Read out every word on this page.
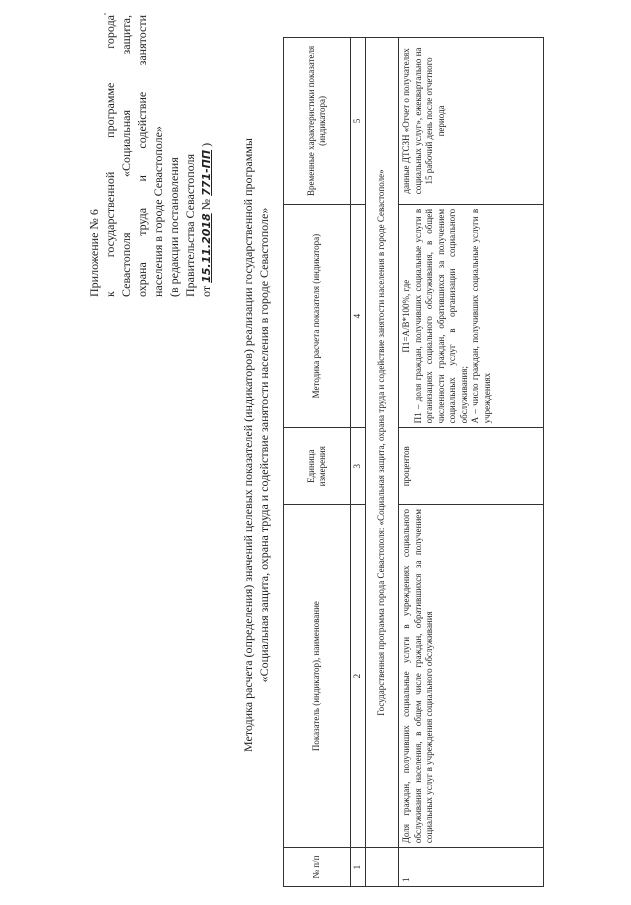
Приложение № 6 к государственной программе города Севастополя «Социальная защита, охрана труда и содействие занятости населения в городе Севастополе» (в редакции постановления Правительства Севастополя от 15.11.2018 № 771-ПП ) Методика расчета (определения) значений целевых показателей (индикаторов) реализации государственной программы «Социальная защита, охрана труда и содействие занятости населения в городе Севастополе»
№ п/п	Показатель (индикатор), наименование	Единица измерения	Методика расчета показателя (индикатора)	Временные характеристики показателя (индикатора)
1	2	3	4	5
	Государственная программа города Севастополя: «Социальная защита, охрана труда и содействие занятости населения в городе Севастополе»			
1	Доля граждан, получивших социальные услуги в учреждениях социального обслуживания населения, в общем числе граждан, обратившихся за получением социальных услуг в учреждения социального обслуживания	процентов	П1=А/В*100%, где П1 – доля граждан, получивших социальные услуги в организациях социального обслуживания, в общей численности граждан, обратившихся за получением социальных услуг в организации социального обслуживания; А – число граждан, получивших социальные услуги в учреждениях	данные ДТСЗН «Отчет о получателях социальных услуг», ежеквартально на 15 рабочий день после отчетного периода
